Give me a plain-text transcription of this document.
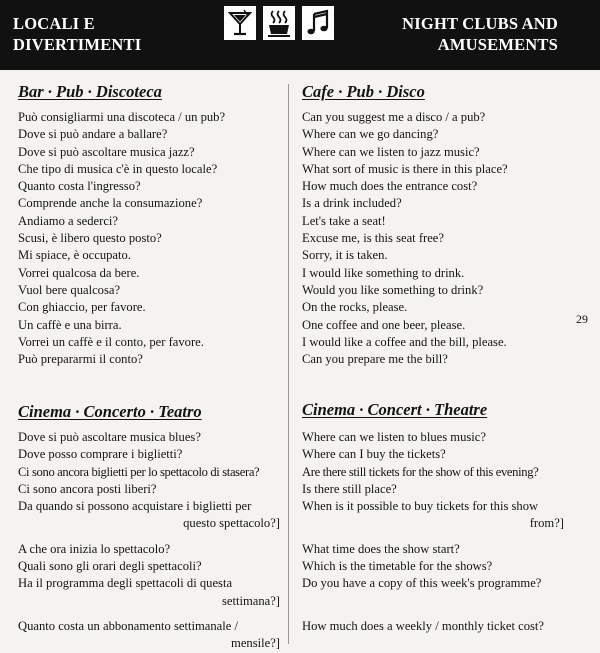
LOCALI E
DIVERTIMENTI
NIGHT CLUBS AND
AMUSEMENTS
Bar · Pub · Discoteca
Può consigliarmi una discoteca / un pub?
Dove si può andare a ballare?
Dove si può ascoltare musica jazz?
Che tipo di musica c'è in questo locale?
Quanto costa l'ingresso?
Comprende anche la consumazione?
Andiamo a sederci?
Scusi, è libero questo posto?
Mi spiace, è occupato.
Vorrei qualcosa da bere.
Vuol bere qualcosa?
Con ghiaccio, per favore.
Un caffè e una birra.
Vorrei un caffè e il conto, per favore.
Può prepararmi il conto?
Cinema · Concerto · Teatro
Dove si può ascoltare musica blues?
Dove posso comprare i biglietti?
Ci sono ancora biglietti per lo spettacolo di stasera?
Ci sono ancora posti liberi?
Da quando si possono acquistare i biglietti per
questo spettacolo?]
A che ora inizia lo spettacolo?
Quali sono gli orari degli spettacoli?
Ha il programma degli spettacoli di questa
settimana?]
Quanto costa un abbonamento settimanale /
mensile?]
Cafe · Pub · Disco
Can you suggest me a disco / a pub?
Where can we go dancing?
Where can we listen to jazz music?
What sort of music is there in this place?
How much does the entrance cost?
Is a drink included?
Let's take a seat!
Excuse me, is this seat free?
Sorry, it is taken.
I would like something to drink.
Would you like something to drink?
On the rocks, please.
One coffee and one beer, please.
I would like a coffee and the bill, please.
Can you prepare me the bill?
Cinema · Concert · Theatre
Where can we listen to blues music?
Where can I buy the tickets?
Are there still tickets for the show of this evening?
Is there still place?
When is it possible to buy tickets for this show
from?]
What time does the show start?
Which is the timetable for the shows?
Do you have a copy of this week's programme?
How much does a weekly / monthly ticket cost?
29
